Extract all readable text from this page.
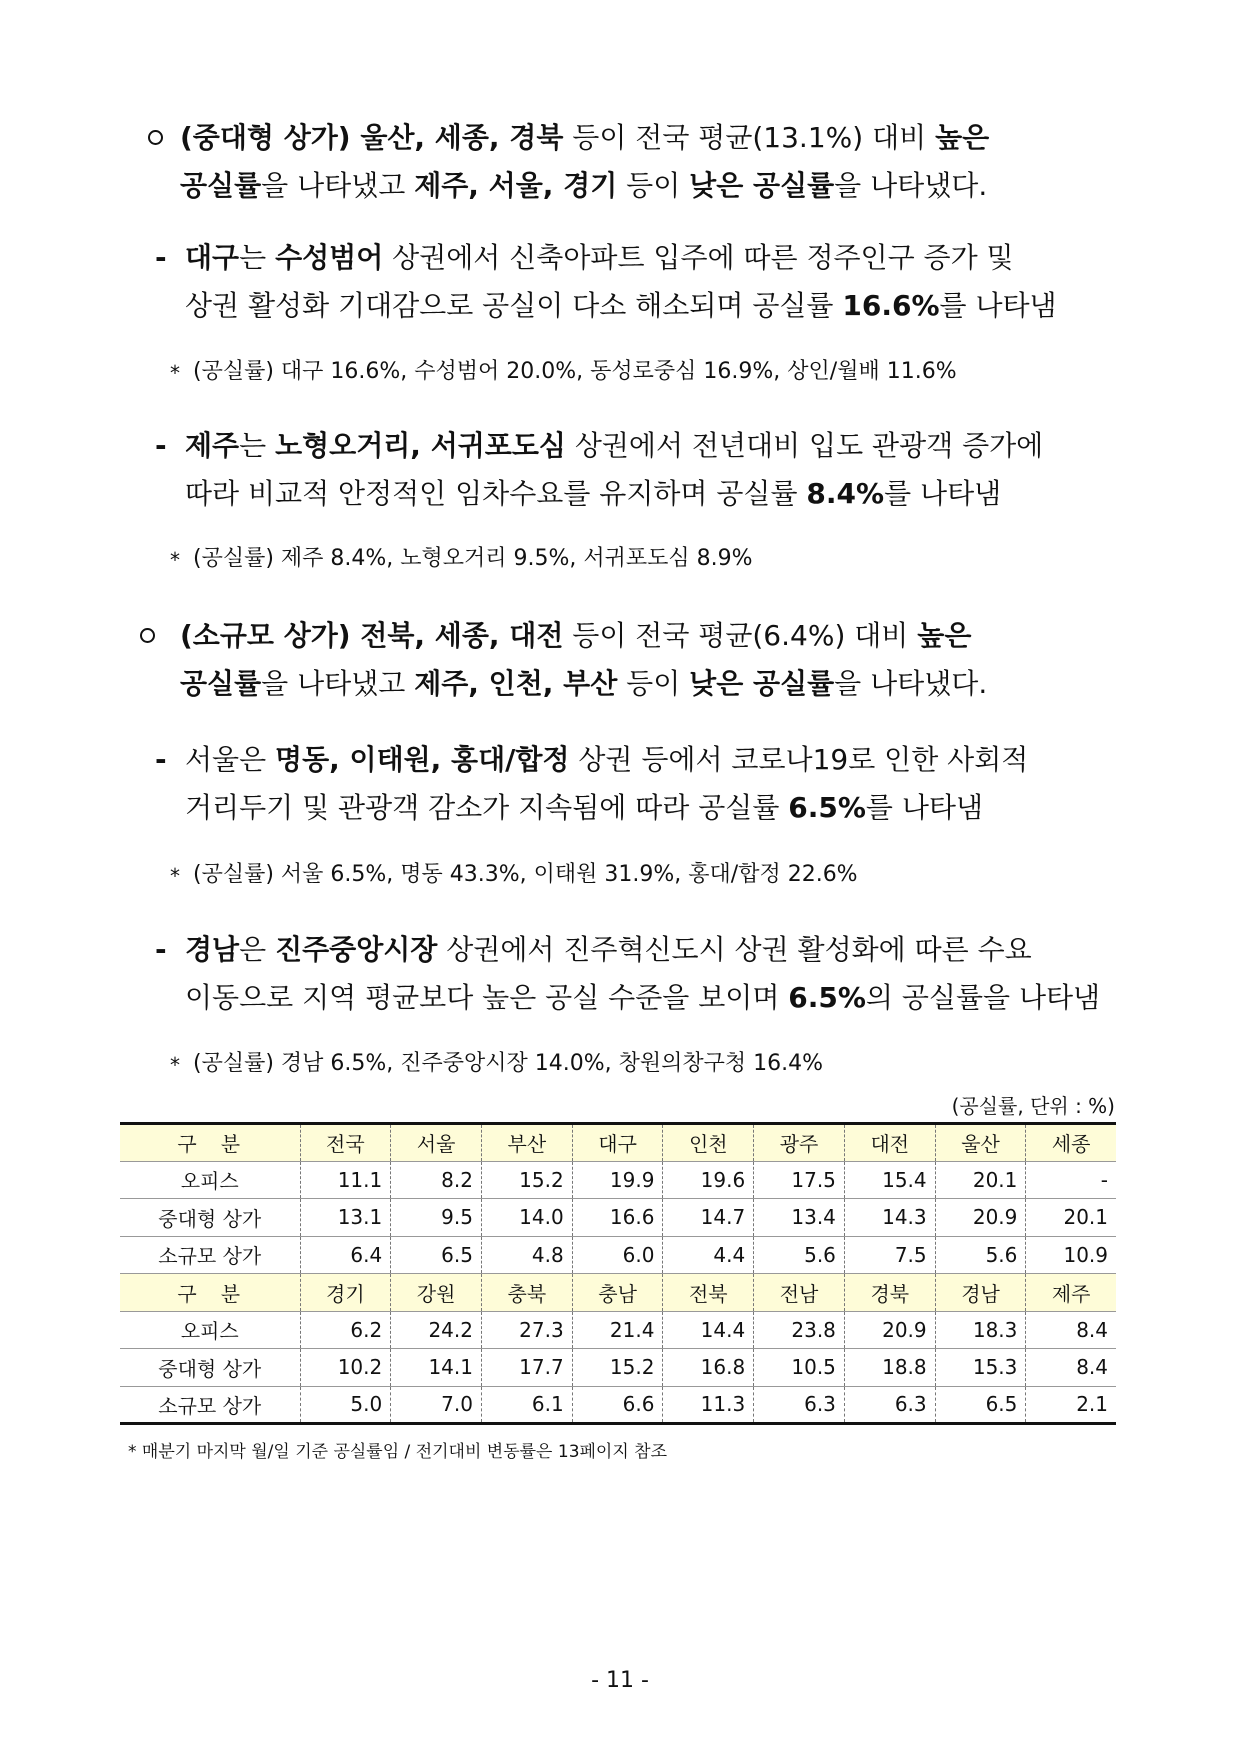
(중대형 상가) 울산, 세종, 경북 등이 전국 평균(13.1%) 대비 높은
공실률을 나타냈고 제주, 서울, 경기 등이 낮은 공실률을 나타냈다.
- 대구는 수성범어 상권에서 신축아파트 입주에 따른 정주인구 증가 및
상권 활성화 기대감으로 공실이 다소 해소되며 공실률 16.6%를 나타냄
* (공실률) 대구 16.6%, 수성범어 20.0%, 동성로중심 16.9%, 상인/월배 11.6%
- 제주는 노형오거리, 서귀포도심 상권에서 전년대비 입도 관광객 증가에
따라 비교적 안정적인 임차수요를 유지하며 공실률 8.4%를 나타냄
* (공실률) 제주 8.4%, 노형오거리 9.5%, 서귀포도심 8.9%
(소규모 상가) 전북, 세종, 대전 등이 전국 평균(6.4%) 대비 높은
공실률을 나타냈고 제주, 인천, 부산 등이 낮은 공실률을 나타냈다.
- 서울은 명동, 이태원, 홍대/합정 상권 등에서 코로나19로 인한 사회적
거리두기 및 관광객 감소가 지속됨에 따라 공실률 6.5%를 나타냄
* (공실률) 서울 6.5%, 명동 43.3%, 이태원 31.9%, 홍대/합정 22.6%
- 경남은 진주중앙시장 상권에서 진주혁신도시 상권 활성화에 따른 수요
이동으로 지역 평균보다 높은 공실 수준을 보이며 6.5%의 공실률을 나타냄
* (공실률) 경남 6.5%, 진주중앙시장 14.0%, 창원의창구청 16.4%
(공실률, 단위 : %)
구분	전국	서울	부산	대구	인천	광주	대전	울산	세종
오피스	11.1	8.2	15.2	19.9	19.6	17.5	15.4	20.1	-
중대형 상가	13.1	9.5	14.0	16.6	14.7	13.4	14.3	20.9	20.1
소규모 상가	6.4	6.5	4.8	6.0	4.4	5.6	7.5	5.6	10.9
구분	경기	강원	충북	충남	전북	전남	경북	경남	제주
오피스	6.2	24.2	27.3	21.4	14.4	23.8	20.9	18.3	8.4
중대형 상가	10.2	14.1	17.7	15.2	16.8	10.5	18.8	15.3	8.4
소규모 상가	5.0	7.0	6.1	6.6	11.3	6.3	6.3	6.5	2.1
* 매분기 마지막 월/일 기준 공실률임 / 전기대비 변동률은 13페이지 참조
- 11 -
